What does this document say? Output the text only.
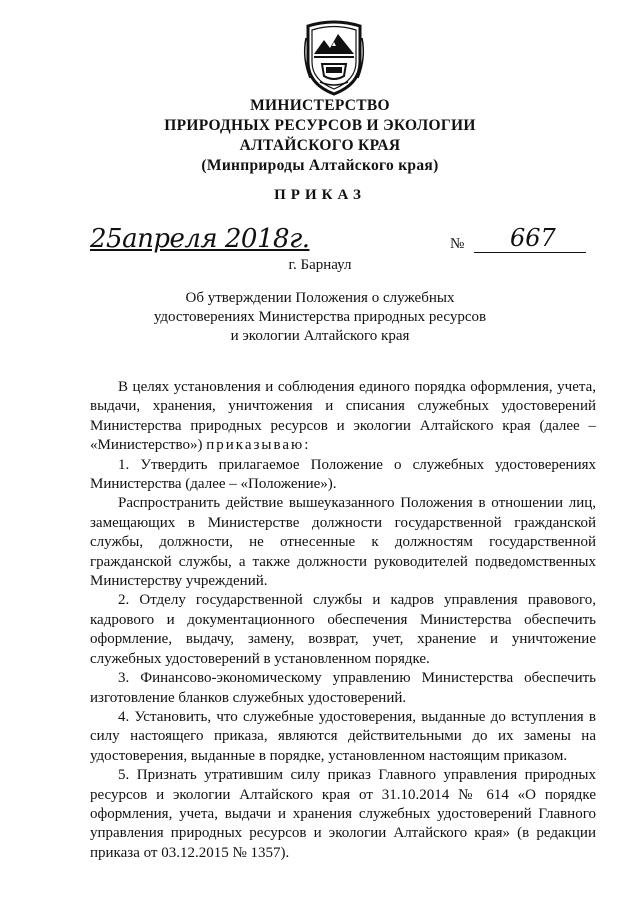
МИНИСТЕРСТВО
ПРИРОДНЫХ РЕСУРСОВ И ЭКОЛОГИИ
АЛТАЙСКОГО КРАЯ
(Минприроды Алтайского края)
ПРИКАЗ
25апреля 2018г.	№ 667
г. Барнаул
Об утверждении Положения о служебных
удостоверениях Министерства природных ресурсов
и экологии Алтайского края

В целях установления и соблюдения единого порядка оформления, учета, выдачи, хранения, уничтожения и списания служебных удостоверений Министерства природных ресурсов и экологии Алтайского края (далее – «Министерство») приказываю:

1. Утвердить прилагаемое Положение о служебных удостоверениях Министерства (далее – «Положение»).

Распространить действие вышеуказанного Положения в отношении лиц, замещающих в Министерстве должности государственной гражданской службы, должности, не отнесенные к должностям государственной гражданской службы, а также должности руководителей подведомственных Министерству учреждений.

2. Отделу государственной службы и кадров управления правового, кадрового и документационного обеспечения Министерства обеспечить оформление, выдачу, замену, возврат, учет, хранение и уничтожение служебных удостоверений в установленном порядке.

3. Финансово-экономическому управлению Министерства обеспечить изготовление бланков служебных удостоверений.

4. Установить, что служебные удостоверения, выданные до вступления в силу настоящего приказа, являются действительными до их замены на удостоверения, выданные в порядке, установленном настоящим приказом.

5. Признать утратившим силу приказ Главного управления природных ресурсов и экологии Алтайского края от 31.10.2014 № 614 «О порядке оформления, учета, выдачи и хранения служебных удостоверений Главного управления природных ресурсов и экологии Алтайского края» (в редакции приказа от 03.12.2015 № 1357).
